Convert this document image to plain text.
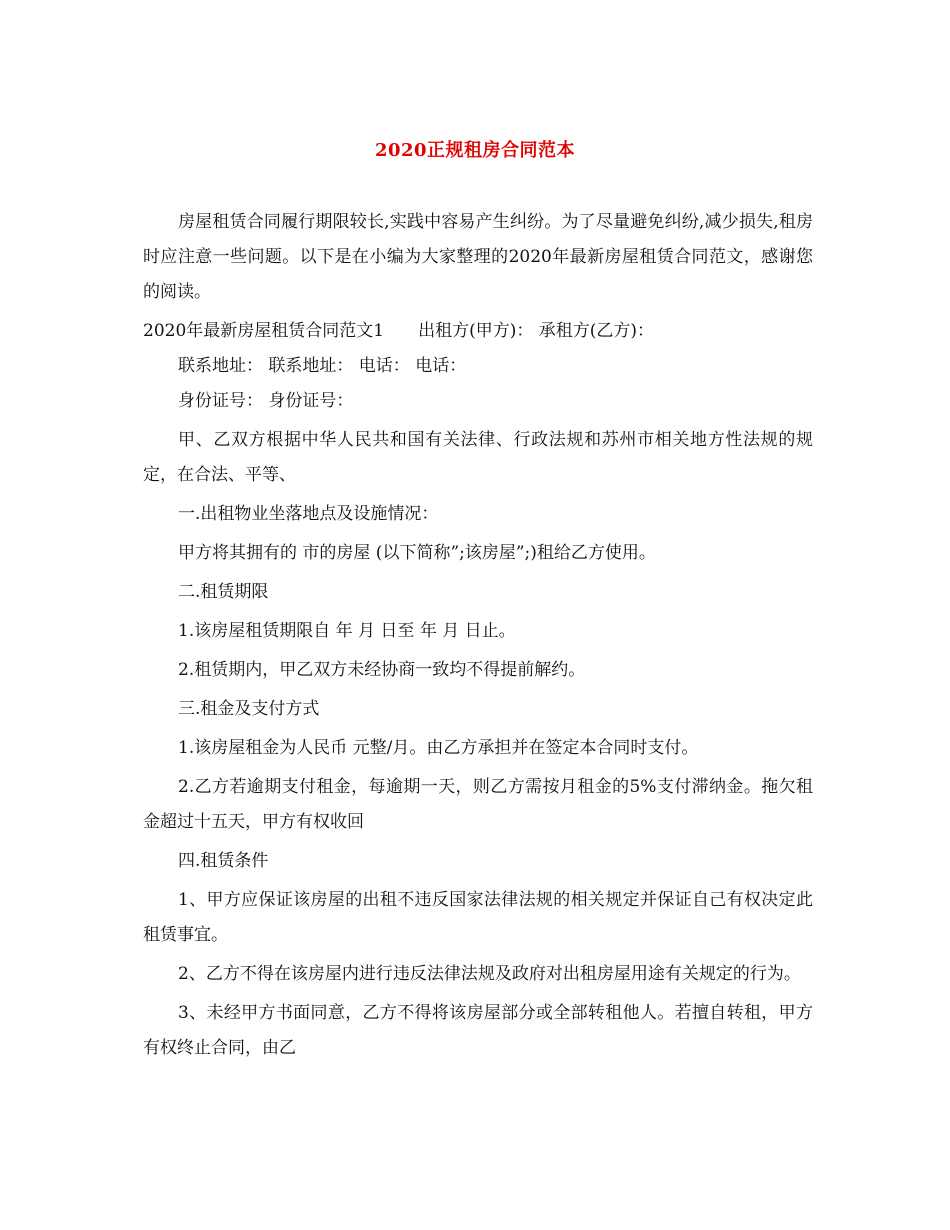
2020正规租房合同范本
房屋租赁合同履行期限较长,实践中容易产生纠纷。为了尽量避免纠纷,减少损失,租房时应注意一些问题。以下是在小编为大家整理的2020年最新房屋租赁合同范文，感谢您的阅读。
2020年最新房屋租赁合同范文1　　出租方(甲方)： 承租方(乙方)：
联系地址： 联系地址： 电话： 电话：
身份证号： 身份证号：
甲、乙双方根据中华人民共和国有关法律、行政法规和苏州市相关地方性法规的规定，在合法、平等、
一.出租物业坐落地点及设施情况：
甲方将其拥有的 市的房屋 (以下简称”;该房屋”;)租给乙方使用。
二.租赁期限
1.该房屋租赁期限自 年 月 日至 年 月 日止。
2.租赁期内，甲乙双方未经协商一致均不得提前解约。
三.租金及支付方式
1.该房屋租金为人民币 元整/月。由乙方承担并在签定本合同时支付。
2.乙方若逾期支付租金，每逾期一天，则乙方需按月租金的5%支付滞纳金。拖欠租金超过十五天，甲方有权收回
四.租赁条件
1、甲方应保证该房屋的出租不违反国家法律法规的相关规定并保证自己有权决定此租赁事宜。
2、乙方不得在该房屋内进行违反法律法规及政府对出租房屋用途有关规定的行为。
3、未经甲方书面同意，乙方不得将该房屋部分或全部转租他人。若擅自转租，甲方有权终止合同，由乙
